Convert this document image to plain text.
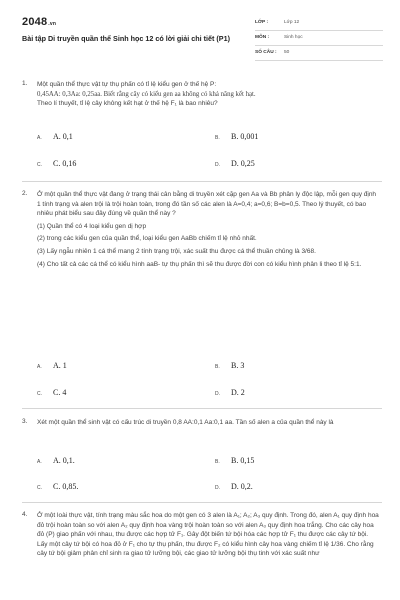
2048.vn
Bài tập Di truyền quần thể Sinh học 12 có lời giải chi tiết (P1)
LỚP :	Lớp 12
MÔN :	Sinh học
SỐ CÂU : 50
1. Một quần thể thực vật tự thụ phấn có tỉ lệ kiểu gen ở thế hệ P:
0,45AA: 0,3Aa: 0,25aa. Biết rằng cây có kiểu gen aa không có khả năng kết hạt.
Theo lí thuyết, tỉ lệ cây không kết hạt ở thế hệ F₁ là bao nhiêu?
A. A. 0,1	B. B. 0,001
C. C. 0,16	D. D. 0,25
2. Ở một quần thể thực vật đang ở trạng thái cân bằng di truyền xét cặp gen Aa và Bb phân ly độc lập, mỗi gen quy định 1 tính trạng và alen trội là trội hoàn toàn, trong đó tần số các alen là A=0,4; a=0,6; B=b=0,5. Theo lý thuyết, có bao nhiêu phát biểu sau đây đúng về quần thể này ?

(1) Quần thể có 4 loại kiểu gen dị hợp

(2) trong các kiểu gen của quần thể, loại kiểu gen AaBb chiếm tỉ lệ nhỏ nhất.

(3) Lấy ngẫu nhiên 1 cá thể mang 2 tính trạng trội, xác suất thu được cá thể thuần chủng là 3/68.

(4) Cho tất cả các cá thể có kiểu hình aaB- tự thụ phấn thì sẽ thu được đời con có kiểu hình phân li theo tỉ lệ 5:1.

A. A. 1	B. B. 3
C. C. 4	D. D. 2
3. Xét một quần thể sinh vật có cấu trúc di truyền 0,8 AA:0,1 Aa:0,1 aa. Tần số alen a của quần thể này là

A. A. 0,1.	B. B. 0,15
C. C. 0,85.	D. D. 0,2.
4. Ở một loài thực vật, tính trạng màu sắc hoa do một gen có 3 alen là A₁; A₂; A₃ quy định. Trong đó, alen A₁ quy định hoa đỏ trội hoàn toàn so với alen A₂ quy định hoa vàng trội hoàn toàn so với alen A₃ quy định hoa trắng. Cho các cây hoa đỏ (P) giao phấn với nhau, thu được các hợp tử F₁. Gây đột biến tứ bội hóa các hợp tử F₁ thu được các cây tứ bội. Lấy một cây tứ bội có hoa đỏ ở F₁ cho tự thụ phấn, thu được F₂ có kiểu hình cây hoa vàng chiếm tỉ lệ 1/36. Cho rằng cây tứ bội giảm phân chỉ sinh ra giao tử lưỡng bội, các giao tử lưỡng bội thụ tinh với xác suất như
